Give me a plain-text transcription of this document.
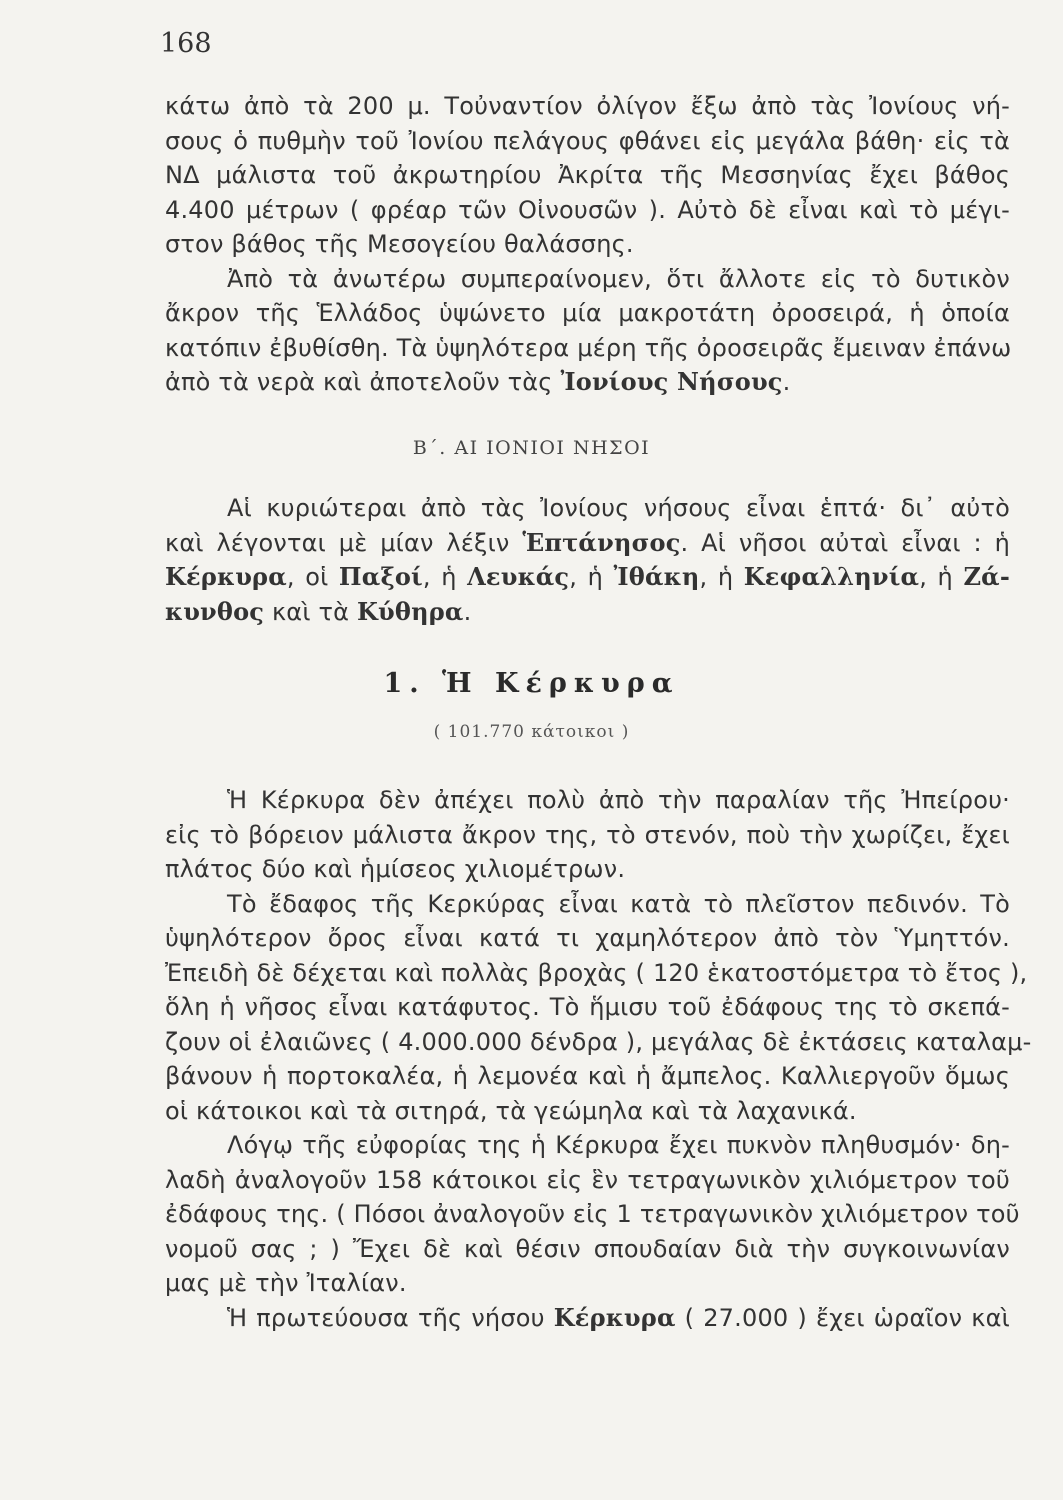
168
κάτω ἀπὸ τὰ 200 μ. Τοὐναντίον ὀλίγον ἔξω ἀπὸ τὰς Ἰονίους νή-
σους ὁ πυθμὴν τοῦ Ἰονίου πελάγους φθάνει εἰς μεγάλα βάθη· εἰς τὰ
ΝΔ μάλιστα τοῦ ἀκρωτηρίου Ἀκρίτα τῆς Μεσσηνίας ἔχει βάθος
4.400 μέτρων ( φρέαρ τῶν Οἰνουσῶν ). Αὐτὸ δὲ εἶναι καὶ τὸ μέγι-
στον βάθος τῆς Μεσογείου θαλάσσης.
Ἀπὸ τὰ ἀνωτέρω συμπεραίνομεν, ὅτι ἄλλοτε εἰς τὸ δυτικὸν
ἄκρον τῆς Ἑλλάδος ὑψώνετο μία μακροτάτη ὀροσειρά, ἡ ὁποία
κατόπιν ἐβυθίσθη. Τὰ ὑψηλότερα μέρη τῆς ὀροσειρᾶς ἔμειναν ἐπάνω
ἀπὸ τὰ νερὰ καὶ ἀποτελοῦν τὰς Ἰονίους Νήσους.
Β΄. ΑΙ ΙΟΝΙΟΙ ΝΗΣΟΙ
Αἱ κυριώτεραι ἀπὸ τὰς Ἰονίους νήσους εἶναι ἑπτά· δι᾽ αὐτὸ
καὶ λέγονται μὲ μίαν λέξιν Ἑπτάνησος. Αἱ νῆσοι αὐταὶ εἶναι : ἡ
Κέρκυρα, οἱ Παξοί, ἡ Λευκάς, ἡ Ἰθάκη, ἡ Κεφαλληνία, ἡ Ζά-
κυνθος καὶ τὰ Κύθηρα.
1. Ἡ Κέρκυρα
( 101.770 κάτοικοι )
Ἡ Κέρκυρα δὲν ἀπέχει πολὺ ἀπὸ τὴν παραλίαν τῆς Ἠπείρου·
εἰς τὸ βόρειον μάλιστα ἄκρον της, τὸ στενόν, ποὺ τὴν χωρίζει, ἔχει
πλάτος δύο καὶ ἡμίσεος χιλιομέτρων.
Τὸ ἔδαφος τῆς Κερκύρας εἶναι κατὰ τὸ πλεῖστον πεδινόν. Τὸ
ὑψηλότερον ὄρος εἶναι κατά τι χαμηλότερον ἀπὸ τὸν Ὑμηττόν.
Ἐπειδὴ δὲ δέχεται καὶ πολλὰς βροχὰς ( 120 ἑκατοστόμετρα τὸ ἔτος ),
ὅλη ἡ νῆσος εἶναι κατάφυτος. Τὸ ἥμισυ τοῦ ἐδάφους της τὸ σκεπά-
ζουν οἱ ἐλαιῶνες ( 4.000.000 δένδρα ), μεγάλας δὲ ἐκτάσεις καταλαμ-
βάνουν ἡ πορτοκαλέα, ἡ λεμονέα καὶ ἡ ἄμπελος. Καλλιεργοῦν ὅμως
οἱ κάτοικοι καὶ τὰ σιτηρά, τὰ γεώμηλα καὶ τὰ λαχανικά.
Λόγῳ τῆς εὐφορίας της ἡ Κέρκυρα ἔχει πυκνὸν πληθυσμόν· δη-
λαδὴ ἀναλογοῦν 158 κάτοικοι εἰς ἓν τετραγωνικὸν χιλιόμετρον τοῦ
ἐδάφους της. ( Πόσοι ἀναλογοῦν εἰς 1 τετραγωνικὸν χιλιόμετρον τοῦ
νομοῦ σας ; ) Ἔχει δὲ καὶ θέσιν σπουδαίαν διὰ τὴν συγκοινωνίαν
μας μὲ τὴν Ἰταλίαν.
Ἡ πρωτεύουσα τῆς νήσου Κέρκυρα ( 27.000 ) ἔχει ὡραῖον καὶ
